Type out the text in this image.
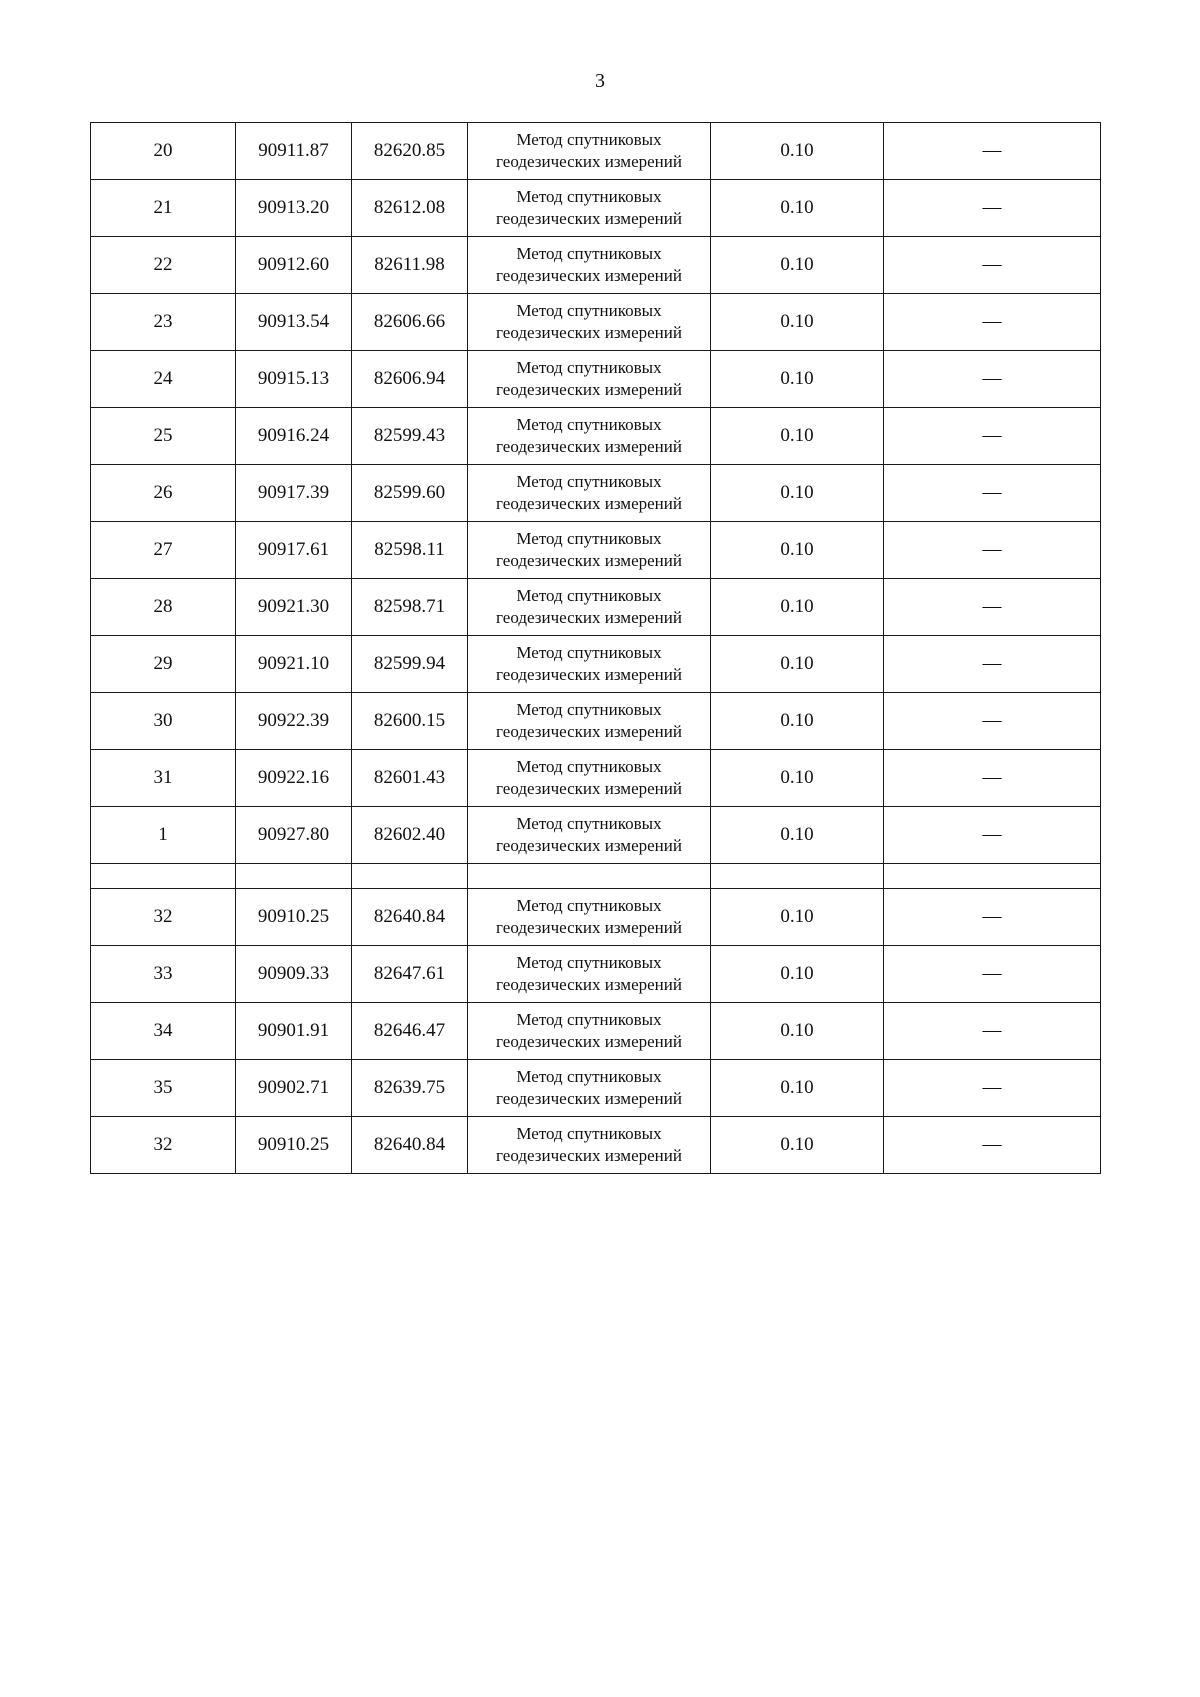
3
20	90911.87	82620.85	Метод спутниковых
геодезических измерений	0.10	—
21	90913.20	82612.08	Метод спутниковых
геодезических измерений	0.10	—
22	90912.60	82611.98	Метод спутниковых
геодезических измерений	0.10	—
23	90913.54	82606.66	Метод спутниковых
геодезических измерений	0.10	—
24	90915.13	82606.94	Метод спутниковых
геодезических измерений	0.10	—
25	90916.24	82599.43	Метод спутниковых
геодезических измерений	0.10	—
26	90917.39	82599.60	Метод спутниковых
геодезических измерений	0.10	—
27	90917.61	82598.11	Метод спутниковых
геодезических измерений	0.10	—
28	90921.30	82598.71	Метод спутниковых
геодезических измерений	0.10	—
29	90921.10	82599.94	Метод спутниковых
геодезических измерений	0.10	—
30	90922.39	82600.15	Метод спутниковых
геодезических измерений	0.10	—
31	90922.16	82601.43	Метод спутниковых
геодезических измерений	0.10	—
1	90927.80	82602.40	Метод спутниковых
геодезических измерений	0.10	—

32	90910.25	82640.84	Метод спутниковых
геодезических измерений	0.10	—
33	90909.33	82647.61	Метод спутниковых
геодезических измерений	0.10	—
34	90901.91	82646.47	Метод спутниковых
геодезических измерений	0.10	—
35	90902.71	82639.75	Метод спутниковых
геодезических измерений	0.10	—
32	90910.25	82640.84	Метод спутниковых
геодезических измерений	0.10	—
